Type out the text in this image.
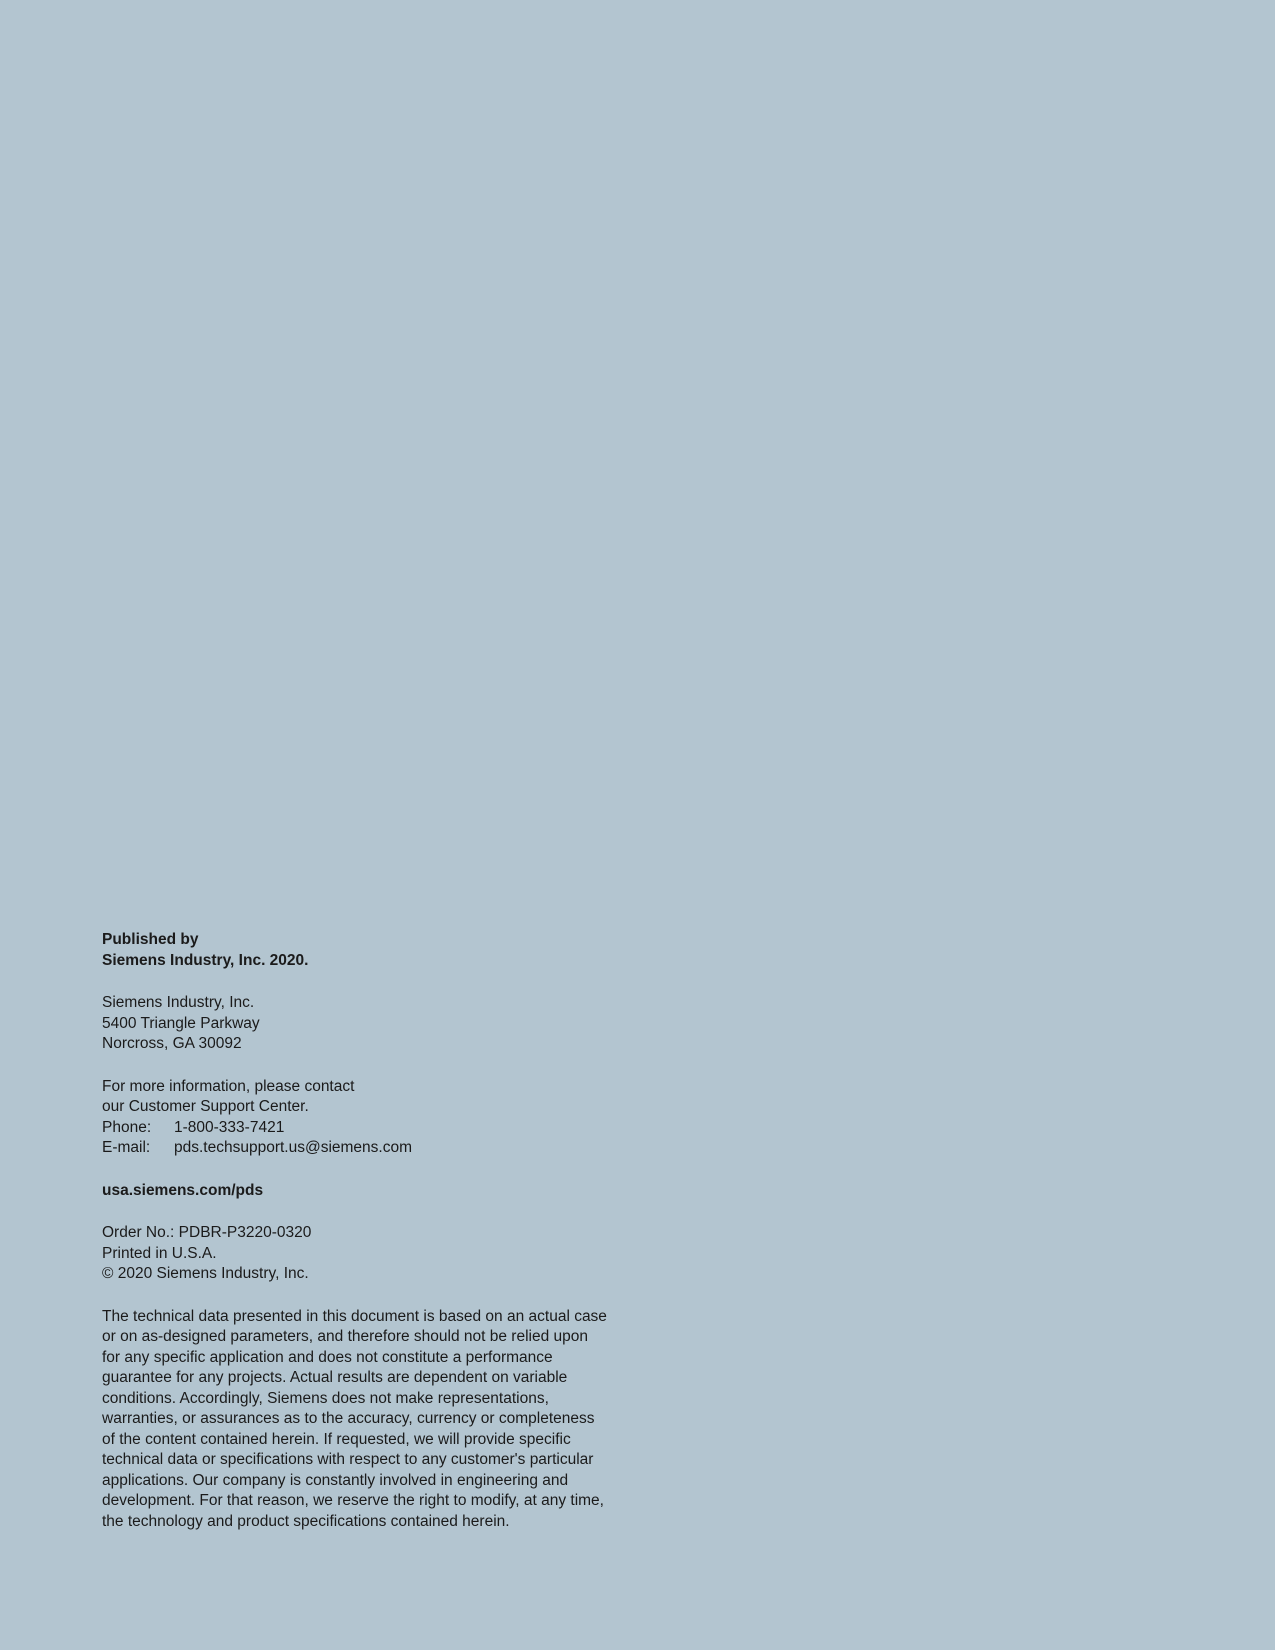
Published by
Siemens Industry, Inc. 2020.
Siemens Industry, Inc.
5400 Triangle Parkway
Norcross, GA 30092
For more information, please contact
our Customer Support Center.
Phone:	1-800-333-7421
E-mail:	pds.techsupport.us@siemens.com
usa.siemens.com/pds
Order No.: PDBR-P3220-0320
Printed in U.S.A.
© 2020 Siemens Industry, Inc.
The technical data presented in this document is based on an actual case or on as-designed parameters, and therefore should not be relied upon for any specific application and does not constitute a performance guarantee for any projects. Actual results are dependent on variable conditions. Accordingly, Siemens does not make representations, warranties, or assurances as to the accuracy, currency or completeness of the content contained herein. If requested, we will provide specific technical data or specifications with respect to any customer's particular applications. Our company is constantly involved in engineering and development. For that reason, we reserve the right to modify, at any time, the technology and product specifications contained herein.
